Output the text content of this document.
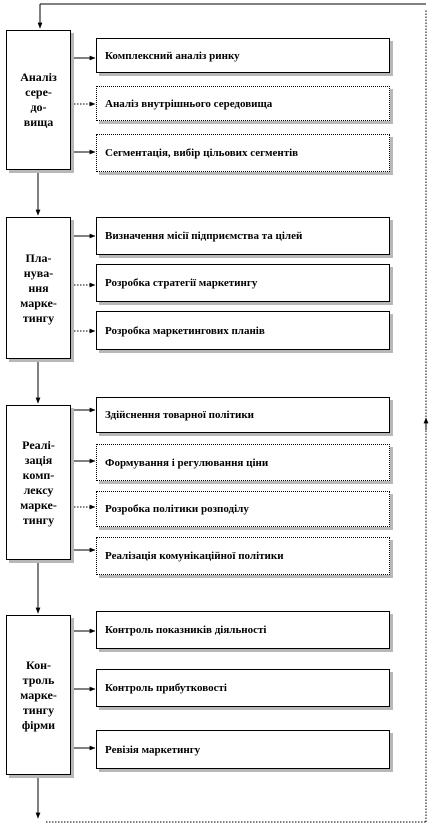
Аналіз
сере-
до-
вища
Комплексний аналіз ринку
Аналіз внутрішнього середовища
Сегментація, вибір цільових сегментів
Пла-
нува-
ння
марке-
тингу
Визначення місії підприємства та цілей
Розробка стратегії маркетингу
Розробка маркетингових планів
Реалі-
зація
комп-
лексу
марке-
тингу
Здійснення товарної політики
Формування і регулювання ціни
Розробка політики розподілу
Реалізація комунікаційної політики
Кон-
троль
марке-
тингу
фірми
Контроль показників діяльності
Контроль прибутковості
Ревізія маркетингу
